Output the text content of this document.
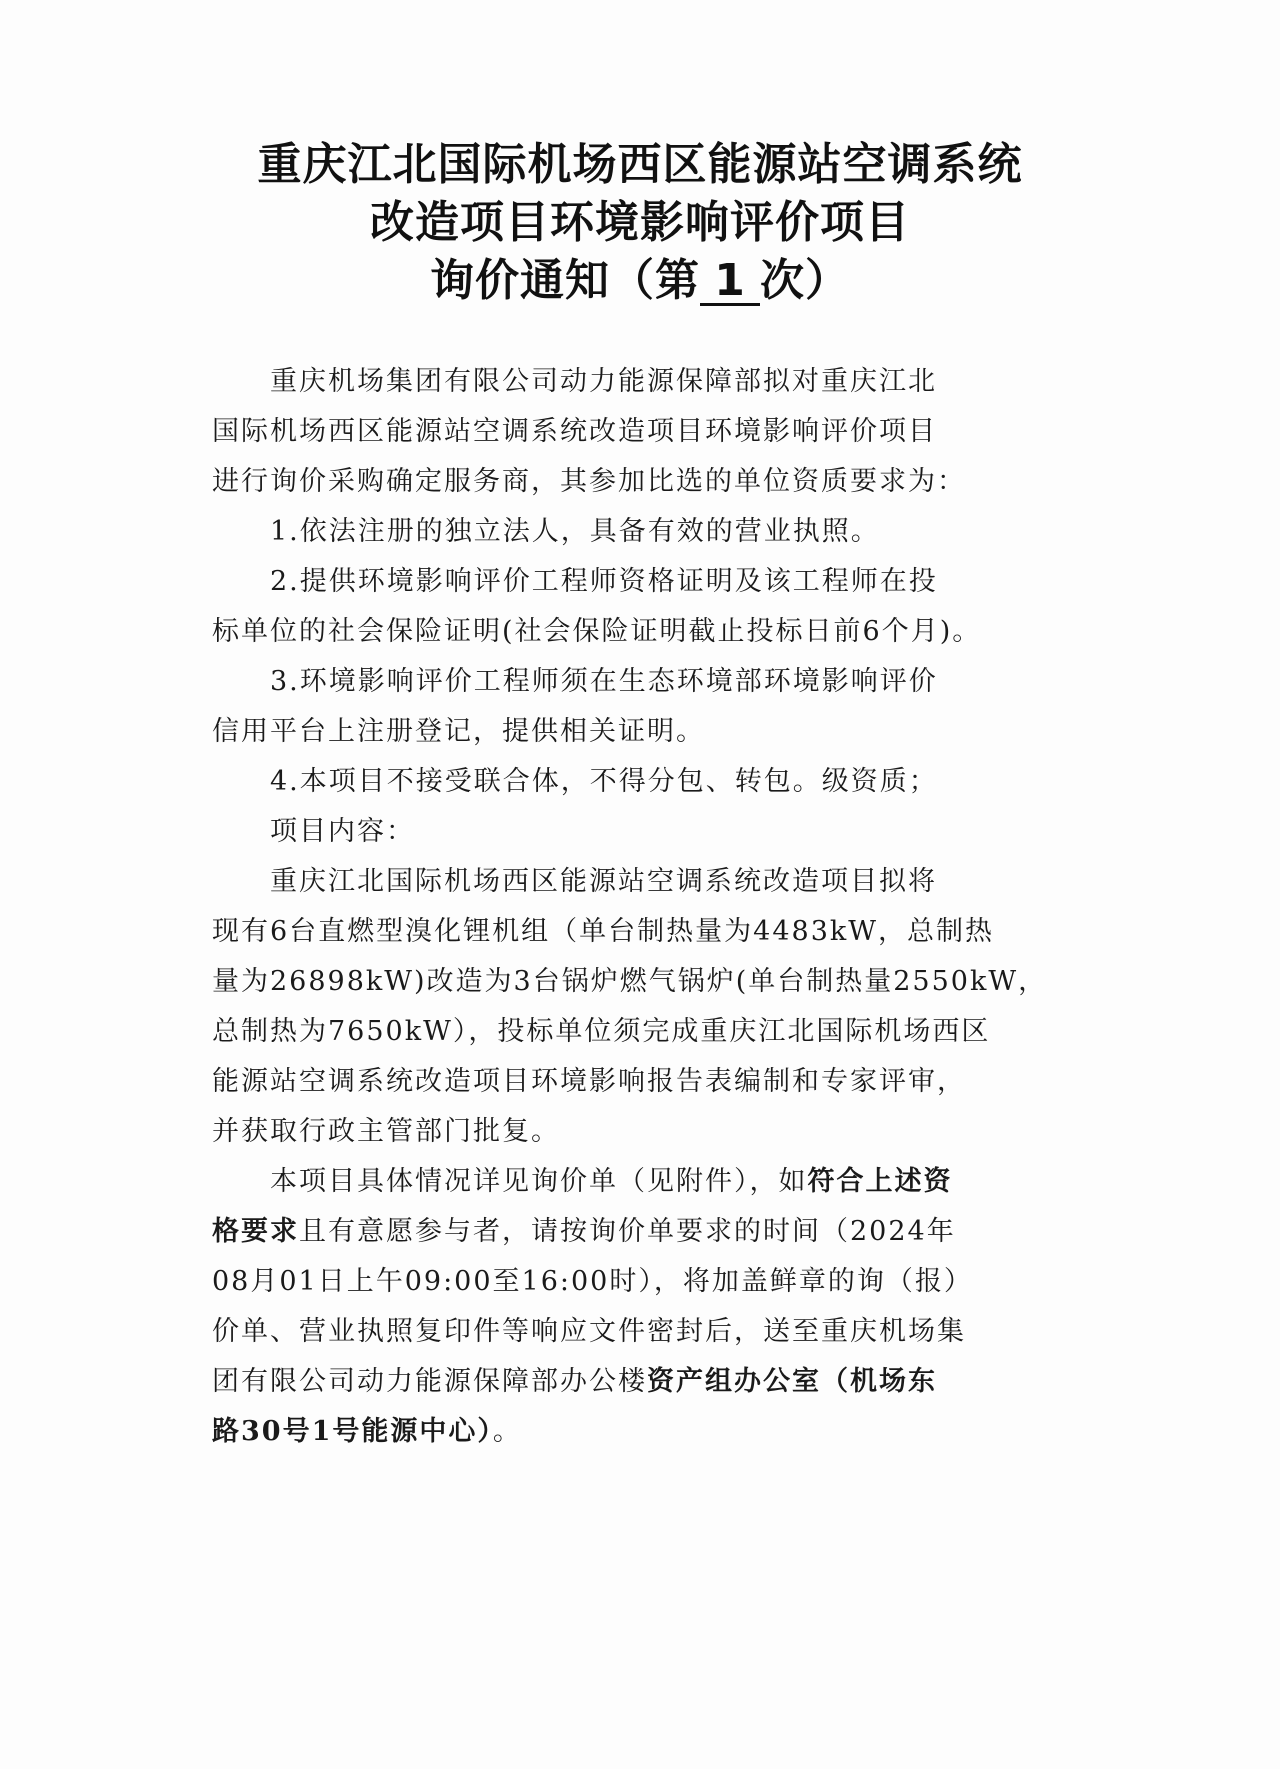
重庆江北国际机场西区能源站空调系统
改造项目环境影响评价项目
询价通知（第 1 次）
重庆机场集团有限公司动力能源保障部拟对重庆江北
国际机场西区能源站空调系统改造项目环境影响评价项目
进行询价采购确定服务商，其参加比选的单位资质要求为：
1.依法注册的独立法人，具备有效的营业执照。
2.提供环境影响评价工程师资格证明及该工程师在投
标单位的社会保险证明(社会保险证明截止投标日前6个月)。
3.环境影响评价工程师须在生态环境部环境影响评价
信用平台上注册登记，提供相关证明。
4.本项目不接受联合体，不得分包、转包。级资质；
项目内容：
重庆江北国际机场西区能源站空调系统改造项目拟将
现有6台直燃型溴化锂机组（单台制热量为4483kW，总制热
量为26898kW)改造为3台锅炉燃气锅炉(单台制热量2550kW，
总制热为7650kW），投标单位须完成重庆江北国际机场西区
能源站空调系统改造项目环境影响报告表编制和专家评审，
并获取行政主管部门批复。
本项目具体情况详见询价单（见附件），如符合上述资
格要求且有意愿参与者，请按询价单要求的时间（2024年
08月01日上午09:00至16:00时），将加盖鲜章的询（报）
价单、营业执照复印件等响应文件密封后，送至重庆机场集
团有限公司动力能源保障部办公楼资产组办公室（机场东
路30号1号能源中心）。
